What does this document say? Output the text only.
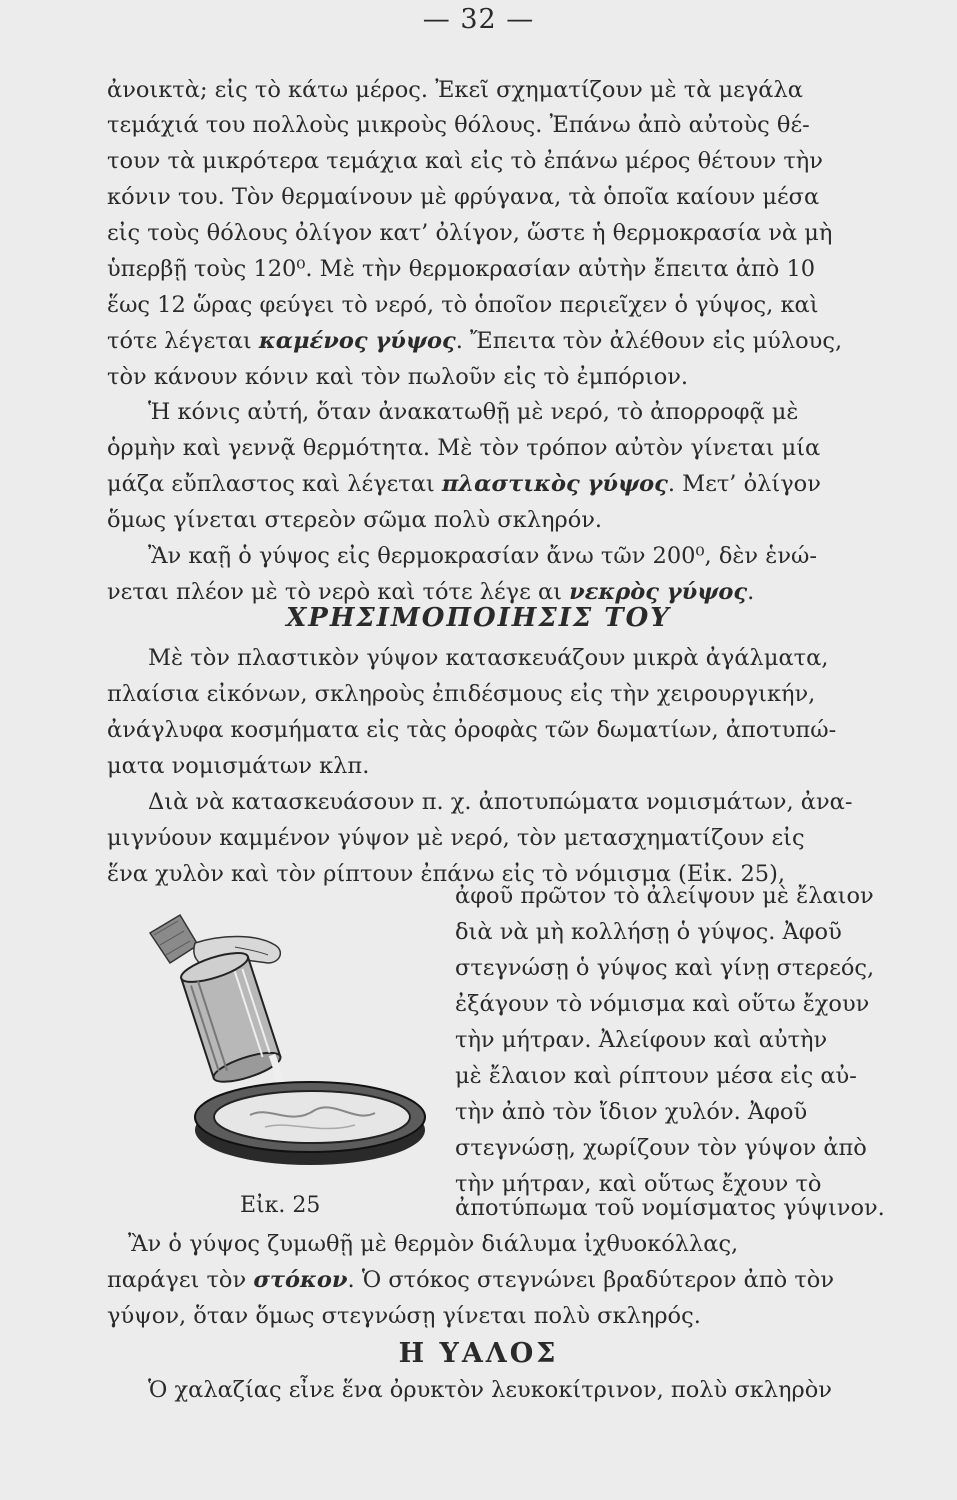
— 32 —
ἀνοικτὰ; εἰς τὸ κάτω μέρος. Ἐκεῖ σχηματίζουν μὲ τὰ μεγάλα
τεμάχιά του πολλοὺς μικροὺς θόλους. Ἐπάνω ἀπὸ αὐτοὺς θέ-
τουν τὰ μικρότερα τεμάχια καὶ εἰς τὸ ἐπάνω μέρος θέτουν τὴν
κόνιν του. Τὸν θερμαίνουν μὲ φρύγανα, τὰ ὁποῖα καίουν μέσα
εἰς τοὺς θόλους ὀλίγον κατ’ ὀλίγον, ὥστε ἡ θερμοκρασία νὰ μὴ
ὑπερβῇ τοὺς 120⁰. Μὲ τὴν θερμοκρασίαν αὐτὴν ἔπειτα ἀπὸ 10
ἕως 12 ὥρας φεύγει τὸ νερό, τὸ ὁποῖον περιεῖχεν ὁ γύψος, καὶ
τότε λέγεται καμένος γύψος. Ἔπειτα τὸν ἀλέθουν εἰς μύλους,
τὸν κάνουν κόνιν καὶ τὸν πωλοῦν εἰς τὸ ἐμπόριον.
Ἡ κόνις αὐτή, ὅταν ἀνακατωθῇ μὲ νερό, τὸ ἀπορροφᾷ μὲ
ὁρμὴν καὶ γεννᾷ θερμότητα. Μὲ τὸν τρόπον αὐτὸν γίνεται μία
μάζα εὔπλαστος καὶ λέγεται πλαστικὸς γύψος. Μετ’ ὀλίγον
ὅμως γίνεται στερεὸν σῶμα πολὺ σκληρόν.
Ἂν καῇ ὁ γύψος εἰς θερμοκρασίαν ἄνω τῶν 200⁰, δὲν ἑνώ-
νεται πλέον μὲ τὸ νερὸ καὶ τότε λέγε αι νεκρὸς γύψος.
ΧΡΗΣΙΜΟΠΟΙΗΣΙΣ ΤΟΥ
Μὲ τὸν πλαστικὸν γύψον κατασκευάζουν μικρὰ ἀγάλματα,
πλαίσια εἰκόνων, σκληροὺς ἐπιδέσμους εἰς τὴν χειρουργικήν,
ἀνάγλυφα κοσμήματα εἰς τὰς ὀροφὰς τῶν δωματίων, ἀποτυπώ-
ματα νομισμάτων κλπ.
Διὰ νὰ κατασκευάσουν π. χ. ἀποτυπώματα νομισμάτων, ἀνα-
μιγνύουν καμμένον γύψον μὲ νερό, τὸν μετασχηματίζουν εἰς
ἕνα χυλὸν καὶ τὸν ρίπτουν ἐπάνω εἰς τὸ νόμισμα (Εἰκ. 25),
ἀφοῦ πρῶτον τὸ ἀλείψουν μὲ ἔλαιον
διὰ νὰ μὴ κολλήσῃ ὁ γύψος. Ἀφοῦ
στεγνώσῃ ὁ γύψος καὶ γίνῃ στερεός,
ἐξάγουν τὸ νόμισμα καὶ οὕτω ἔχουν
τὴν μήτραν. Ἀλείφουν καὶ αὐτὴν
μὲ ἔλαιον καὶ ρίπτουν μέσα εἰς αὐ-
τὴν ἀπὸ τὸν ἴδιον χυλόν. Ἀφοῦ
στεγνώσῃ, χωρίζουν τὸν γύψον ἀπὸ
τὴν μήτραν, καὶ οὕτως ἔχουν τὸ
ἀποτύπωμα τοῦ νομίσματος γύψινον.
Εἰκ. 25
Ἂν ὁ γύψος ζυμωθῇ μὲ θερμὸν διάλυμα ἰχθυοκόλλας,
παράγει τὸν στόκον. Ὁ στόκος στεγνώνει βραδύτερον ἀπὸ τὸν
γύψον, ὅταν ὅμως στεγνώσῃ γίνεται πολὺ σκληρός.
Η ΥΑΛΟΣ
Ὁ χαλαζίας εἶνε ἕνα ὀρυκτὸν λευκοκίτρινον, πολὺ σκληρὸν
